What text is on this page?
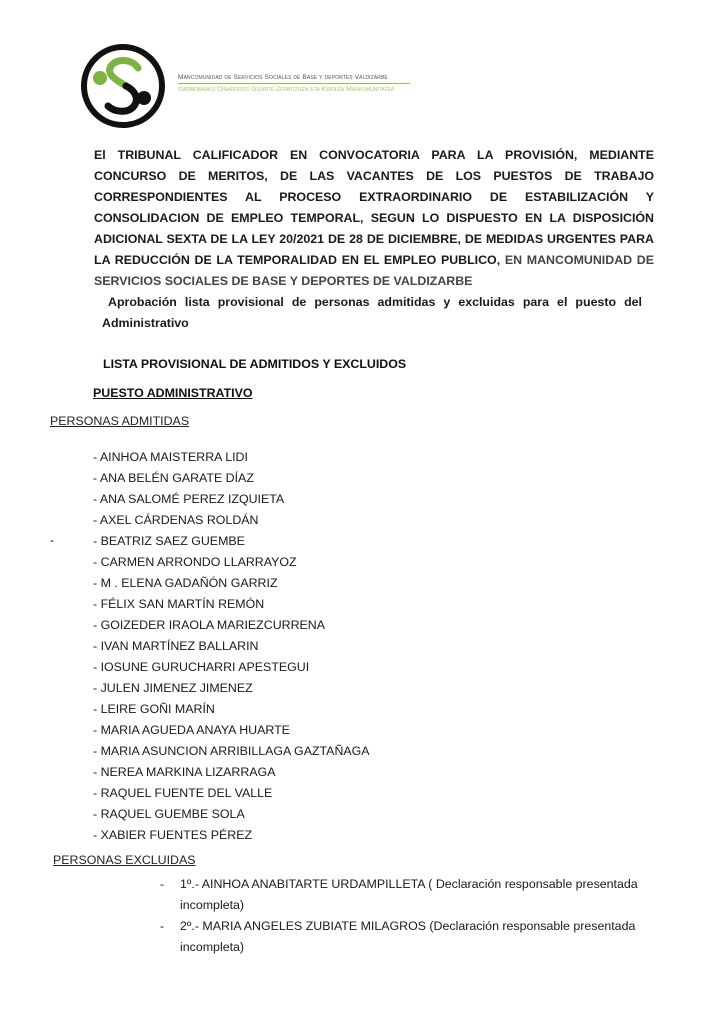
Mancomunidad de Servicios Sociales de Base y deportes Valdizarbe
Izarbeibarko Oinarrizko Gizarte Zerbitzuen eta Kirolen Mankomunitatea
El TRIBUNAL CALIFICADOR EN CONVOCATORIA PARA LA PROVISIÓN, MEDIANTE CONCURSO DE MERITOS, DE LAS VACANTES DE LOS PUESTOS DE TRABAJO CORRESPONDIENTES AL PROCESO EXTRAORDINARIO DE ESTABILIZACIÓN Y CONSOLIDACION DE EMPLEO TEMPORAL, SEGUN LO DISPUESTO EN LA DISPOSICIÓN ADICIONAL SEXTA DE LA LEY 20/2021 DE 28 DE DICIEMBRE, DE MEDIDAS URGENTES PARA LA REDUCCIÓN DE LA TEMPORALIDAD EN EL EMPLEO PUBLICO, EN MANCOMUNIDAD DE SERVICIOS SOCIALES DE BASE Y DEPORTES DE VALDIZARBE
Aprobación lista provisional de personas admitidas y excluidas para el puesto del
Administrativo
LISTA PROVISIONAL DE ADMITIDOS Y EXCLUIDOS
PUESTO ADMINISTRATIVO
PERSONAS ADMITIDAS
-
- AINHOA MAISTERRA LIDI
- ANA BELÉN GARATE DÍAZ
- ANA SALOMÉ PEREZ IZQUIETA
- AXEL CÁRDENAS ROLDÁN
- BEATRIZ SAEZ GUEMBE
- CARMEN ARRONDO LLARRAYOZ
- M . ELENA GADAÑÓN GARRIZ
- FÉLIX SAN MARTÍN REMÓN
- GOIZEDER IRAOLA MARIEZCURRENA
- IVAN MARTÍNEZ BALLARIN
- IOSUNE GURUCHARRI APESTEGUI
- JULEN JIMENEZ JIMENEZ
- LEIRE GOÑI MARÍN
- MARIA AGUEDA ANAYA HUARTE
- MARIA ASUNCION ARRIBILLAGA GAZTAÑAGA
- NEREA MARKINA LIZARRAGA
- RAQUEL FUENTE DEL VALLE
- RAQUEL GUEMBE SOLA
- XABIER FUENTES PÉREZ
PERSONAS EXCLUIDAS
-	1º.- AINHOA ANABITARTE URDAMPILLETA ( Declaración responsable presentada incompleta)
-	2º.- MARIA ANGELES ZUBIATE MILAGROS (Declaración responsable presentada incompleta)
